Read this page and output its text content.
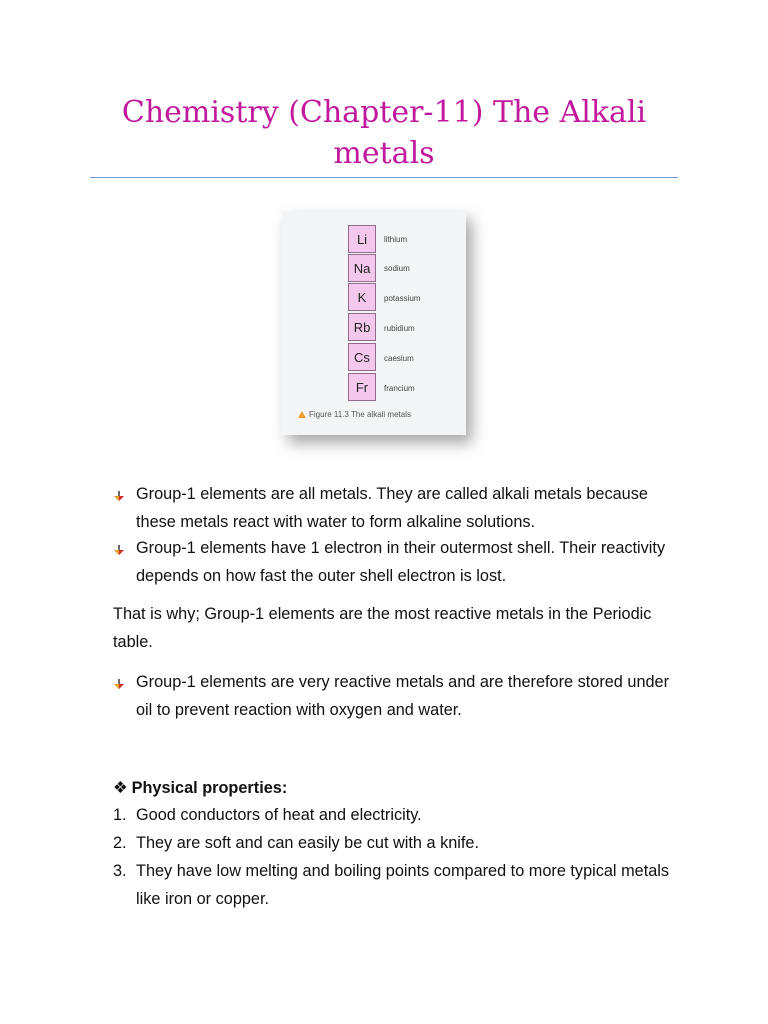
Chemistry (Chapter-11) The Alkali metals
Li	lithium
Na	sodium
K	potassium
Rb	rubidium
Cs	caesium
Fr	francium
Figure 11.3 The alkali metals
Group-1 elements are all metals. They are called alkali metals because these metals react with water to form alkaline solutions.
Group-1 elements have 1 electron in their outermost shell. Their reactivity depends on how fast the outer shell electron is lost.
That is why; Group-1 elements are the most reactive metals in the Periodic table.
Group-1 elements are very reactive metals and are therefore stored under oil to prevent reaction with oxygen and water.
❖ Physical properties:
1. Good conductors of heat and electricity.
2. They are soft and can easily be cut with a knife.
3. They have low melting and boiling points compared to more typical metals like iron or copper.
